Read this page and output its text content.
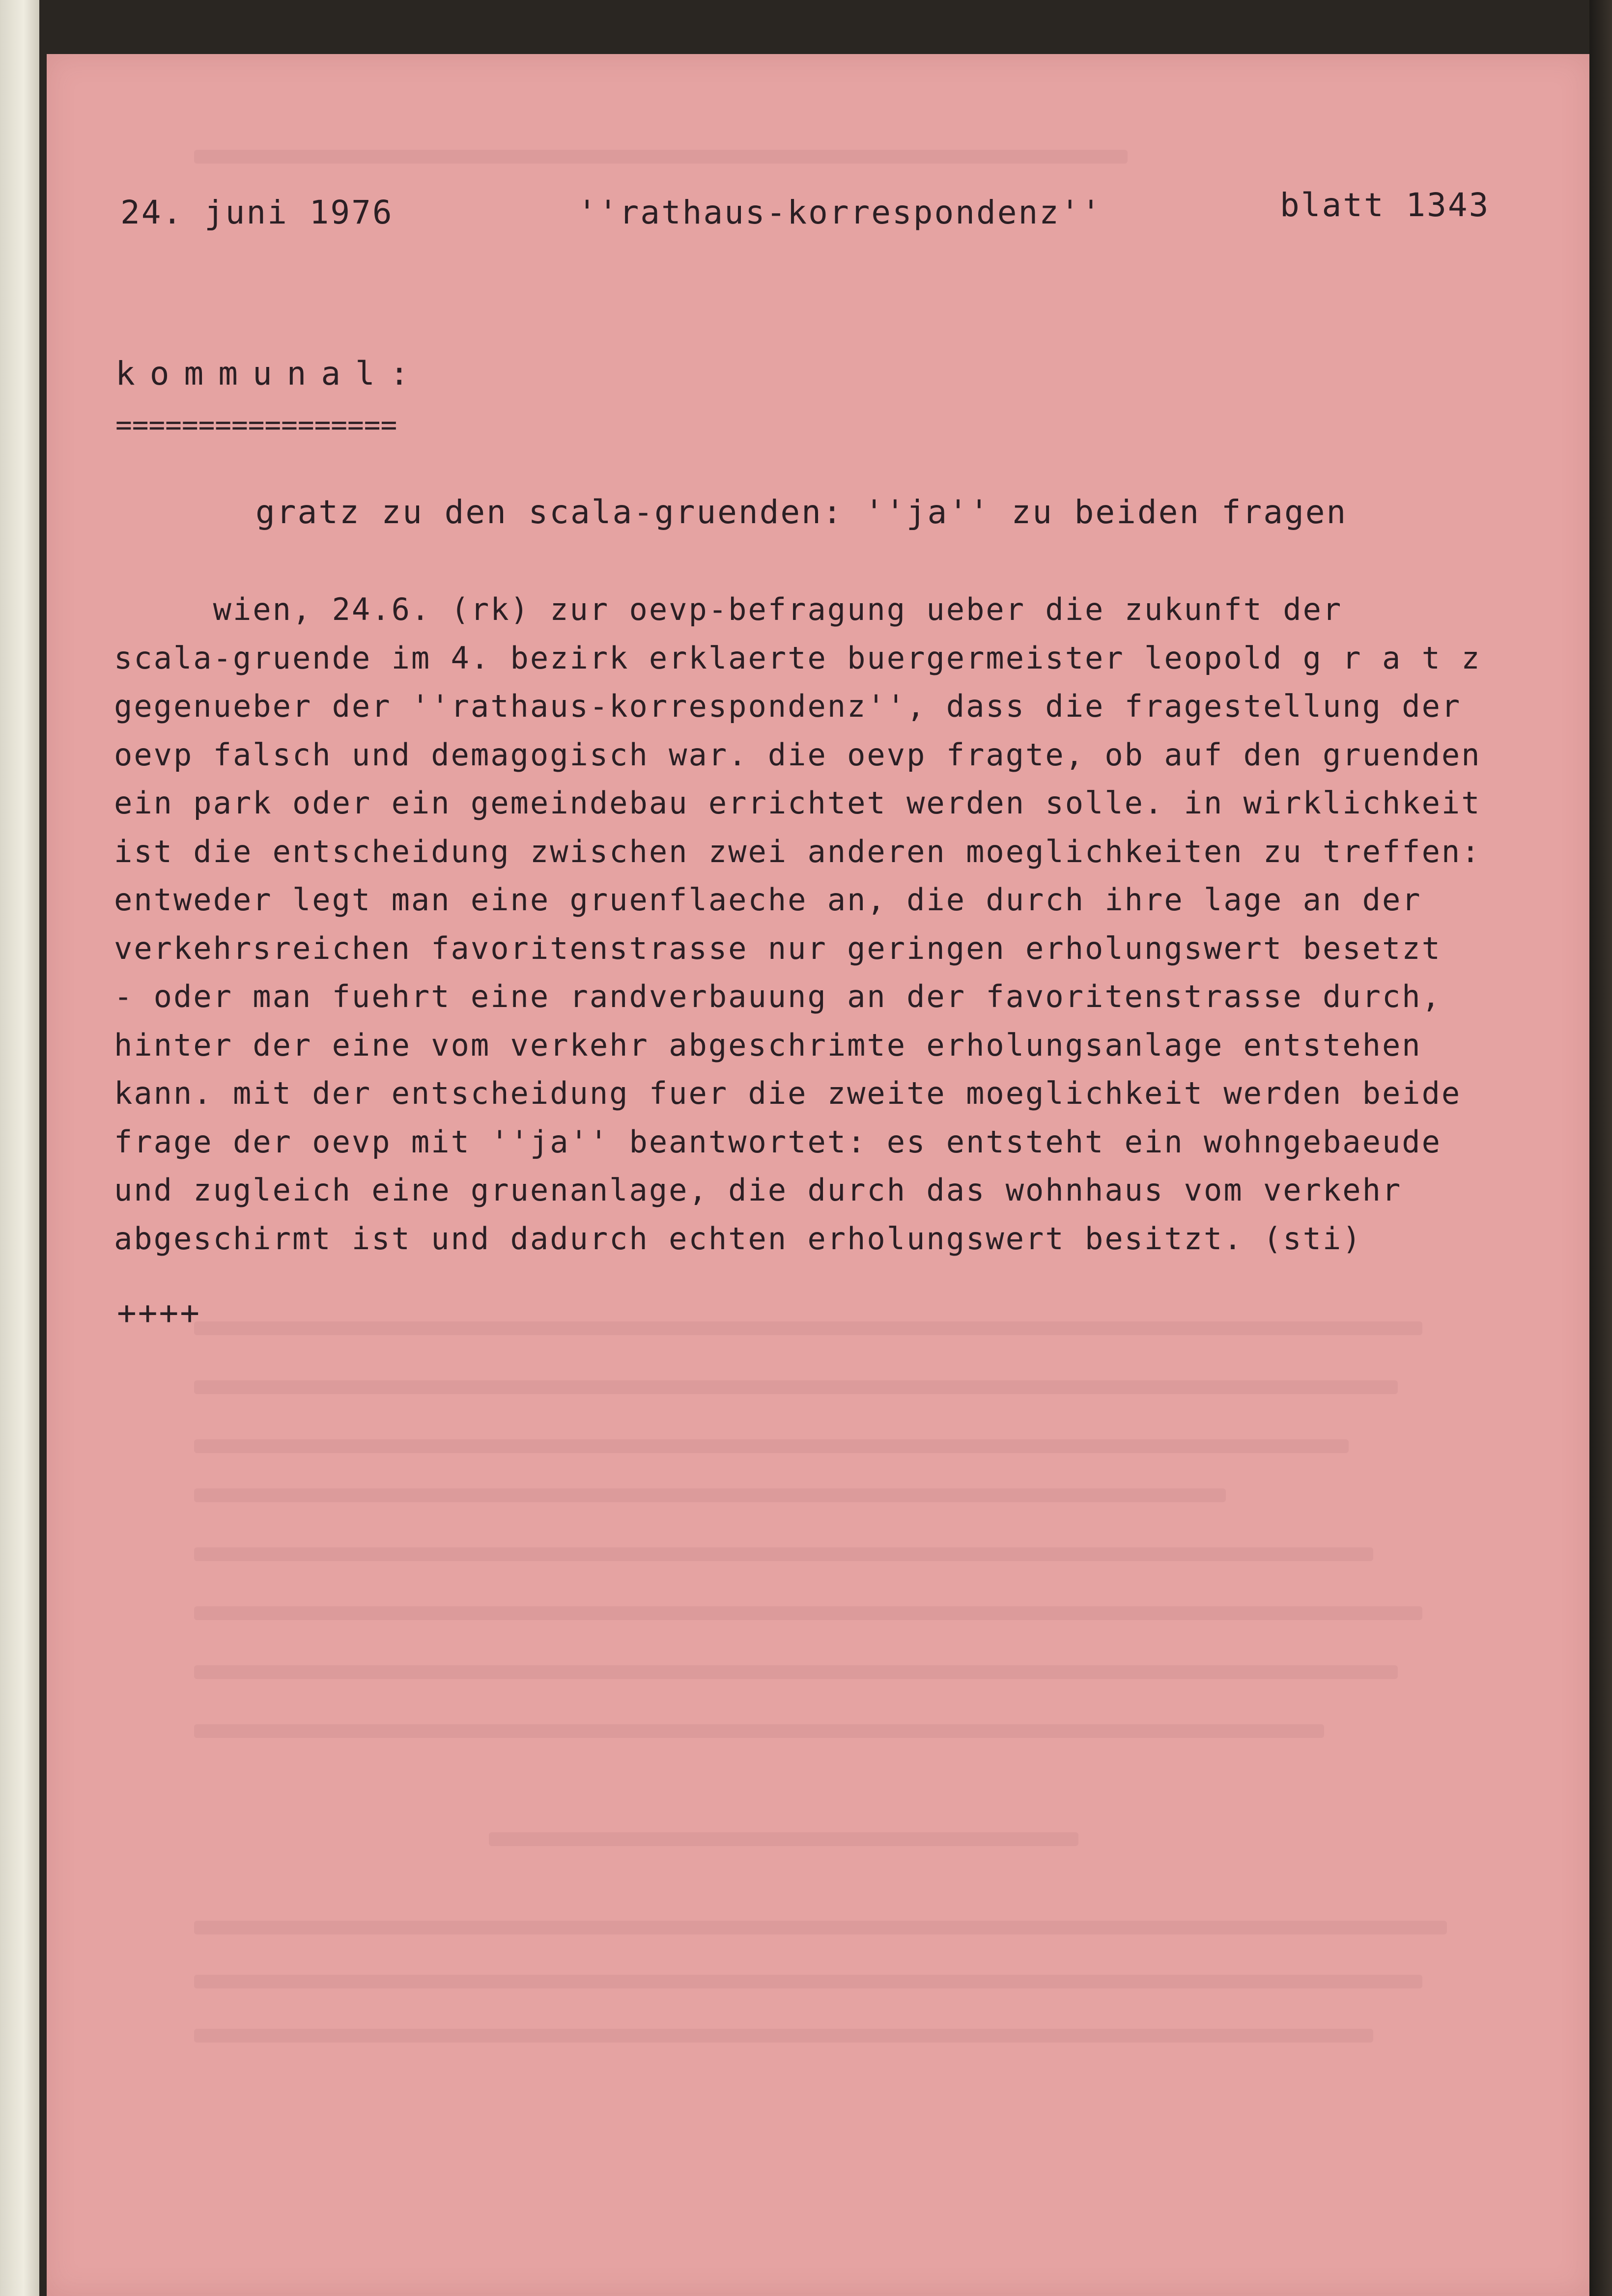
24. juni 1976	''rathaus-korrespondenz''	blatt 1343
kommunal:
=================
gratz zu den scala-gruenden: ''ja'' zu beiden fragen
wien, 24.6. (rk) zur oevp-befragung ueber die zukunft der
scala-gruende im 4. bezirk erklaerte buergermeister leopold g r a t z
gegenueber der ''rathaus-korrespondenz'', dass die fragestellung der
oevp falsch und demagogisch war. die oevp fragte, ob auf den gruenden
ein park oder ein gemeindebau errichtet werden solle. in wirklichkeit
ist die entscheidung zwischen zwei anderen moeglichkeiten zu treffen:
entweder legt man eine gruenflaeche an, die durch ihre lage an der
verkehrsreichen favoritenstrasse nur geringen erholungswert besetzt
- oder man fuehrt eine randverbauung an der favoritenstrasse durch,
hinter der eine vom verkehr abgeschrimte erholungsanlage entstehen
kann. mit der entscheidung fuer die zweite moeglichkeit werden beide
frage der oevp mit ''ja'' beantwortet: es entsteht ein wohngebaeude
und zugleich eine gruenanlage, die durch das wohnhaus vom verkehr
abgeschirmt ist und dadurch echten erholungswert besitzt. (sti)
++++
